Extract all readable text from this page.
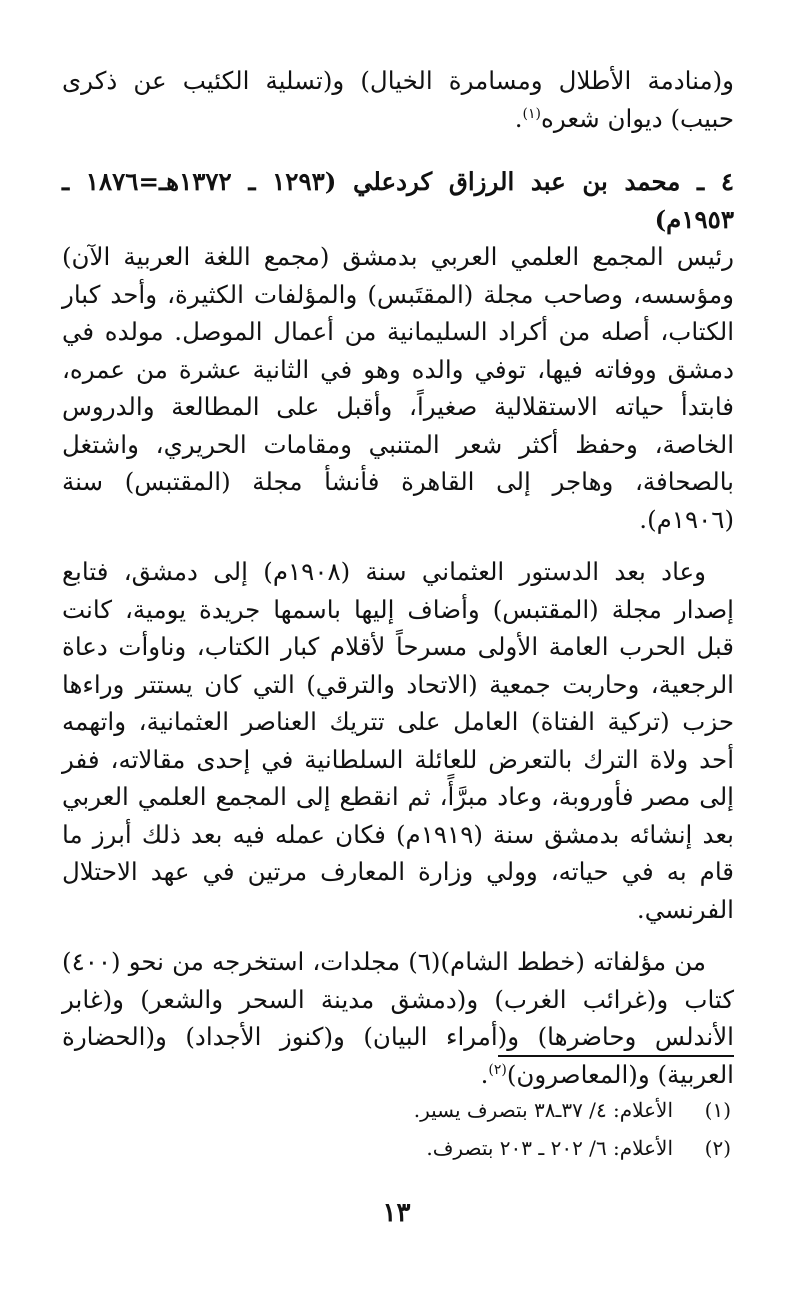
و(منادمة الأطلال ومسامرة الخيال) و(تسلية الكئيب عن ذكرى حبيب) ديوان شعره$^{(١)}$.

٤ ـ محمد بن عبد الرزاق كردعلي (١٢٩٣ ـ ١٣٧٢هـ=١٨٧٦ ـ ١٩٥٣م)

رئيس المجمع العلمي العربي بدمشق (مجمع اللغة العربية الآن) ومؤسسه، وصاحب مجلة (المقتَبس) والمؤلفات الكثيرة، وأحد كبار الكتاب، أصله من أكراد السليمانية من أعمال الموصل. مولده في دمشق ووفاته فيها، توفي والده وهو في الثانية عشرة من عمره، فابتدأ حياته الاستقلالية صغيراً، وأقبل على المطالعة والدروس الخاصة، وحفظ أكثر شعر المتنبي ومقامات الحريري، واشتغل بالصحافة، وهاجر إلى القاهرة فأنشأ مجلة (المقتبس) سنة (١٩٠٦م).

وعاد بعد الدستور العثماني سنة (١٩٠٨م) إلى دمشق، فتابع إصدار مجلة (المقتبس) وأضاف إليها باسمها جريدة يومية، كانت قبل الحرب العامة الأولى مسرحاً لأقلام كبار الكتاب، وناوأت دعاة الرجعية، وحاربت جمعية (الاتحاد والترقي) التي كان يستتر وراءها حزب (تركية الفتاة) العامل على تتريك العناصر العثمانية، واتهمه أحد ولاة الترك بالتعرض للعائلة السلطانية في إحدى مقالاته، ففر إلى مصر فأوروبة، وعاد مبرَّأً، ثم انقطع إلى المجمع العلمي العربي بعد إنشائه بدمشق سنة (١٩١٩م) فكان عمله فيه بعد ذلك أبرز ما قام به في حياته، وولي وزارة المعارف مرتين في عهد الاحتلال الفرنسي.

من مؤلفاته (خطط الشام)(٦) مجلدات، استخرجه من نحو (٤٠٠) كتاب و(غرائب الغرب) و(دمشق مدينة السحر والشعر) و(غابر الأندلس وحاضرها) و(أمراء البيان) و(كنوز الأجداد) و(الحضارة العربية) و(المعاصرون)$^{(٢)}$.

(١)
الأعلام: ٤/ ٣٧ـ٣٨ بتصرف يسير.
(٢)
الأعلام: ٦/ ٢٠٢ ـ ٢٠٣ بتصرف.
١٣
